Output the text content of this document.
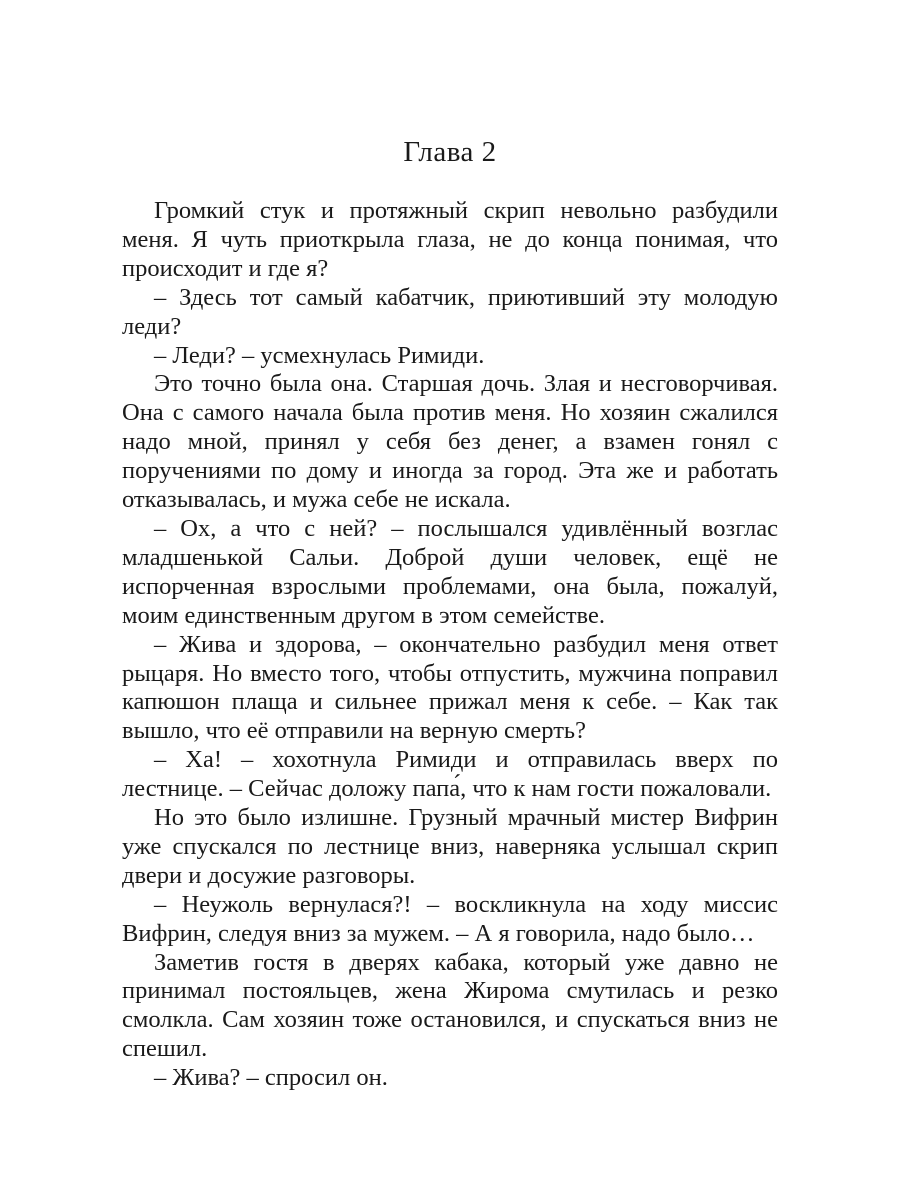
Глава 2

Громкий стук и протяжный скрип невольно разбудили меня. Я чуть приоткрыла глаза, не до конца понимая, что происходит и где я?

– Здесь тот самый кабатчик, приютивший эту молодую леди?

– Леди? – усмехнулась Римиди.

Это точно была она. Старшая дочь. Злая и несговорчивая. Она с самого начала была против меня. Но хозяин сжалился надо мной, принял у себя без денег, а взамен гонял с поручениями по дому и иногда за город. Эта же и работать отказывалась, и мужа себе не искала.

– Ох, а что с ней? – послышался удивлённый возглас младшенькой Сальи. Доброй души человек, ещё не испорченная взрослыми проблемами, она была, пожалуй, моим единственным другом в этом семействе.

– Жива и здорова, – окончательно разбудил меня ответ рыцаря. Но вместо того, чтобы отпустить, мужчина поправил капюшон плаща и сильнее прижал меня к себе. – Как так вышло, что её отправили на верную смерть?

– Ха! – хохотнула Римиди и отправилась вверх по лестнице. – Сейчас доложу папа́, что к нам гости пожаловали.

Но это было излишне. Грузный мрачный мистер Вифрин уже спускался по лестнице вниз, наверняка услышал скрип двери и досужие разговоры.

– Неужоль вернулася?! – воскликнула на ходу миссис Вифрин, следуя вниз за мужем. – А я говорила, надо было…

Заметив гостя в дверях кабака, который уже давно не принимал постояльцев, жена Жирома смутилась и резко смолкла. Сам хозяин тоже остановился, и спускаться вниз не спешил.

– Жива? – спросил он.
